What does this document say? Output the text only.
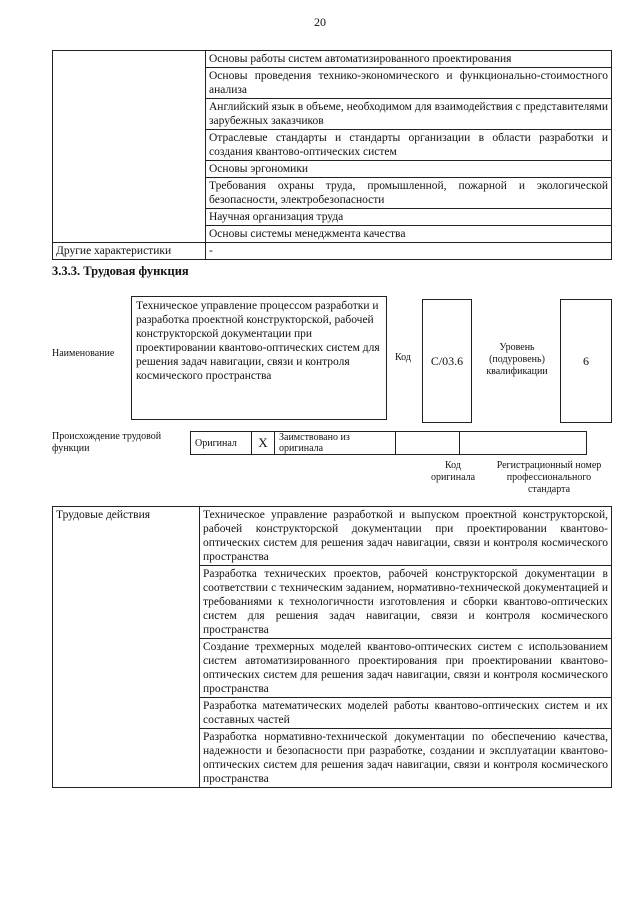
20
	Основы работы систем автоматизированного проектирования
	Основы проведения технико-экономического и функционально-стоимостного анализа
	Английский язык в объеме, необходимом для взаимодействия с представителями зарубежных заказчиков
	Отраслевые стандарты и стандарты организации в области разработки и создания квантово-оптических систем
	Основы эргономики
	Требования охраны труда, промышленной, пожарной и экологической безопасности, электробезопасности
	Научная организация труда
	Основы системы менеджмента качества
Другие характеристики	-
3.3.3. Трудовая функция
Наименование
Техническое управление процессом разработки и разработка проектной конструкторской, рабочей конструкторской документации при проектировании квантово-оптических систем для решения задач навигации, связи и контроля космического пространства
Код C/03.6
Уровень (подуровень) квалификации
6
Происхождение трудовой функции	Оригинал	X	Заимствовано из оригинала		
Код оригинала
Регистрационный номер профессионального стандарта
Трудовые действия	Техническое управление разработкой и выпуском проектной конструкторской, рабочей конструкторской документации при проектировании квантово-оптических систем для решения задач навигации, связи и контроля космического пространства
	Разработка технических проектов, рабочей конструкторской документации в соответствии с техническим заданием, нормативно-технической документацией и требованиями к технологичности изготовления и сборки квантово-оптических систем для решения задач навигации, связи и контроля космического пространства
	Создание трехмерных моделей квантово-оптических систем с использованием систем автоматизированного проектирования при проектировании квантово-оптических систем для решения задач навигации, связи и контроля космического пространства
	Разработка математических моделей работы квантово-оптических систем и их составных частей
	Разработка нормативно-технической документации по обеспечению качества, надежности и безопасности при разработке, создании и эксплуатации квантово-оптических систем для решения задач навигации, связи и контроля космического пространства
